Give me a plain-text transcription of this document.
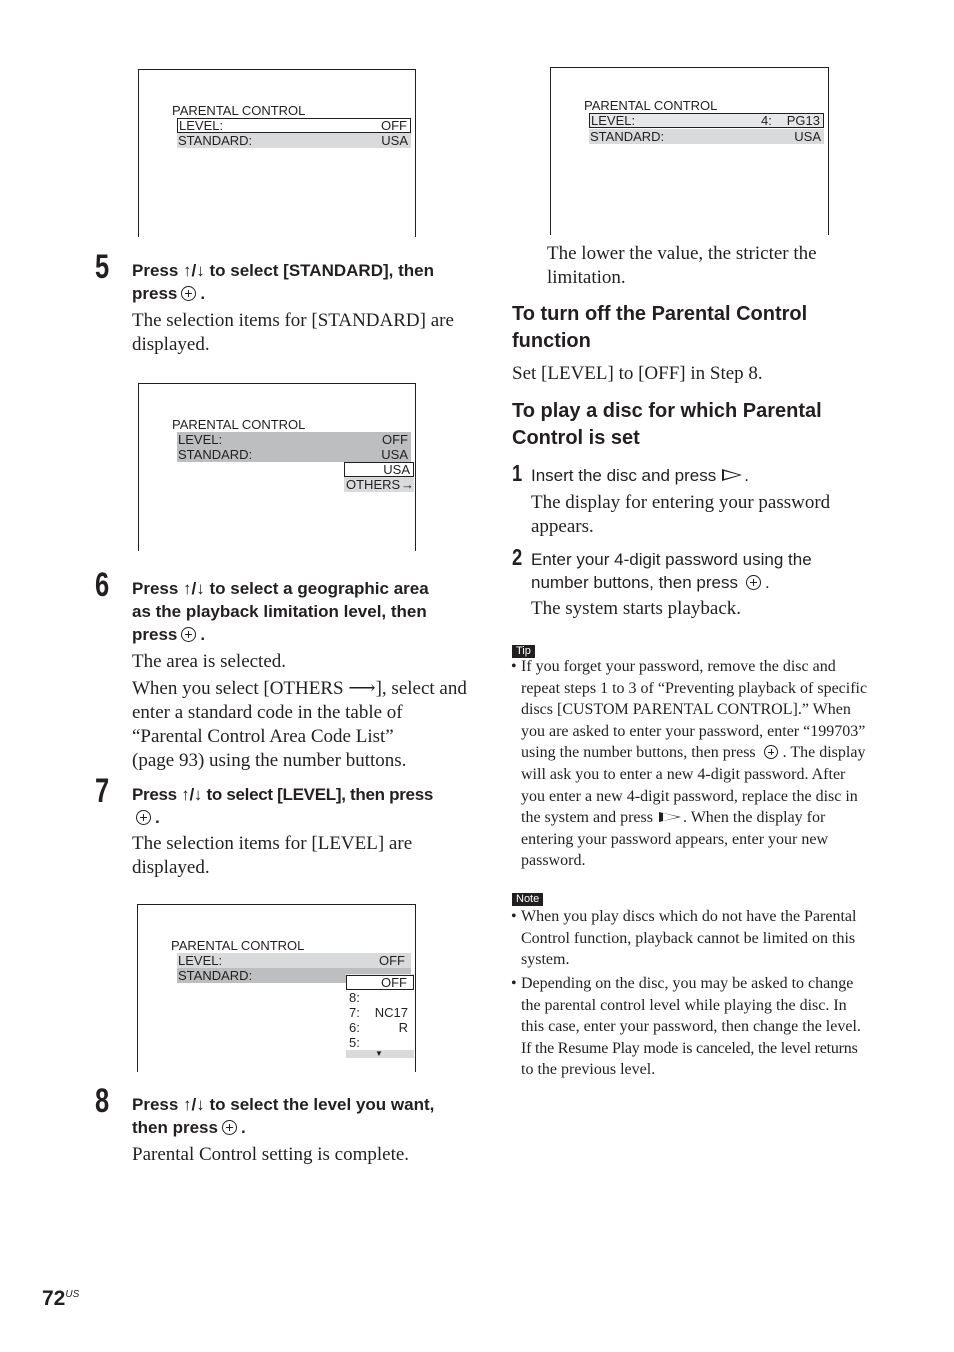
PARENTAL CONTROL
LEVEL:	OFF
STANDARD:	USA
5 Press ↑/↓ to select [STANDARD], then
press .
The selection items for [STANDARD] are
displayed.
PARENTAL CONTROL
LEVEL:	OFF
STANDARD:	USA
USA
OTHERS →
6 Press ↑/↓ to select a geographic area
as the playback limitation level, then
press .
The area is selected.
When you select [OTHERS ⟶], select and
enter a standard code in the table of
“Parental Control Area Code List”
(page 93) using the number buttons.
7 Press ↑/↓ to select [LEVEL], then press
.
The selection items for [LEVEL] are
displayed.
PARENTAL CONTROL
LEVEL:	OFF
STANDARD:	OFF
8:
7: NC17
6:	R
5:
▼
8 Press ↑/↓ to select the level you want,
then press .
Parental Control setting is complete.
PARENTAL CONTROL
LEVEL:	4: PG13
STANDARD:	USA
The lower the value, the stricter the
limitation.
To turn off the Parental Control
function
Set [LEVEL] to [OFF] in Step 8.
To play a disc for which Parental
Control is set
1 Insert the disc and press .
The display for entering your password
appears.
2 Enter your 4-digit password using the
number buttons, then press .
The system starts playback.
Tip
• If you forget your password, remove the disc and
repeat steps 1 to 3 of “Preventing playback of specific
discs [CUSTOM PARENTAL CONTROL].” When
you are asked to enter your password, enter “199703”
using the number buttons, then press . The display
will ask you to enter a new 4-digit password. After
you enter a new 4-digit password, replace the disc in
the system and press . When the display for
entering your password appears, enter your new
password.
Note
• When you play discs which do not have the Parental
Control function, playback cannot be limited on this
system.
• Depending on the disc, you may be asked to change
the parental control level while playing the disc. In
this case, enter your password, then change the level.
If the Resume Play mode is canceled, the level returns
to the previous level.
$72^{US}$
